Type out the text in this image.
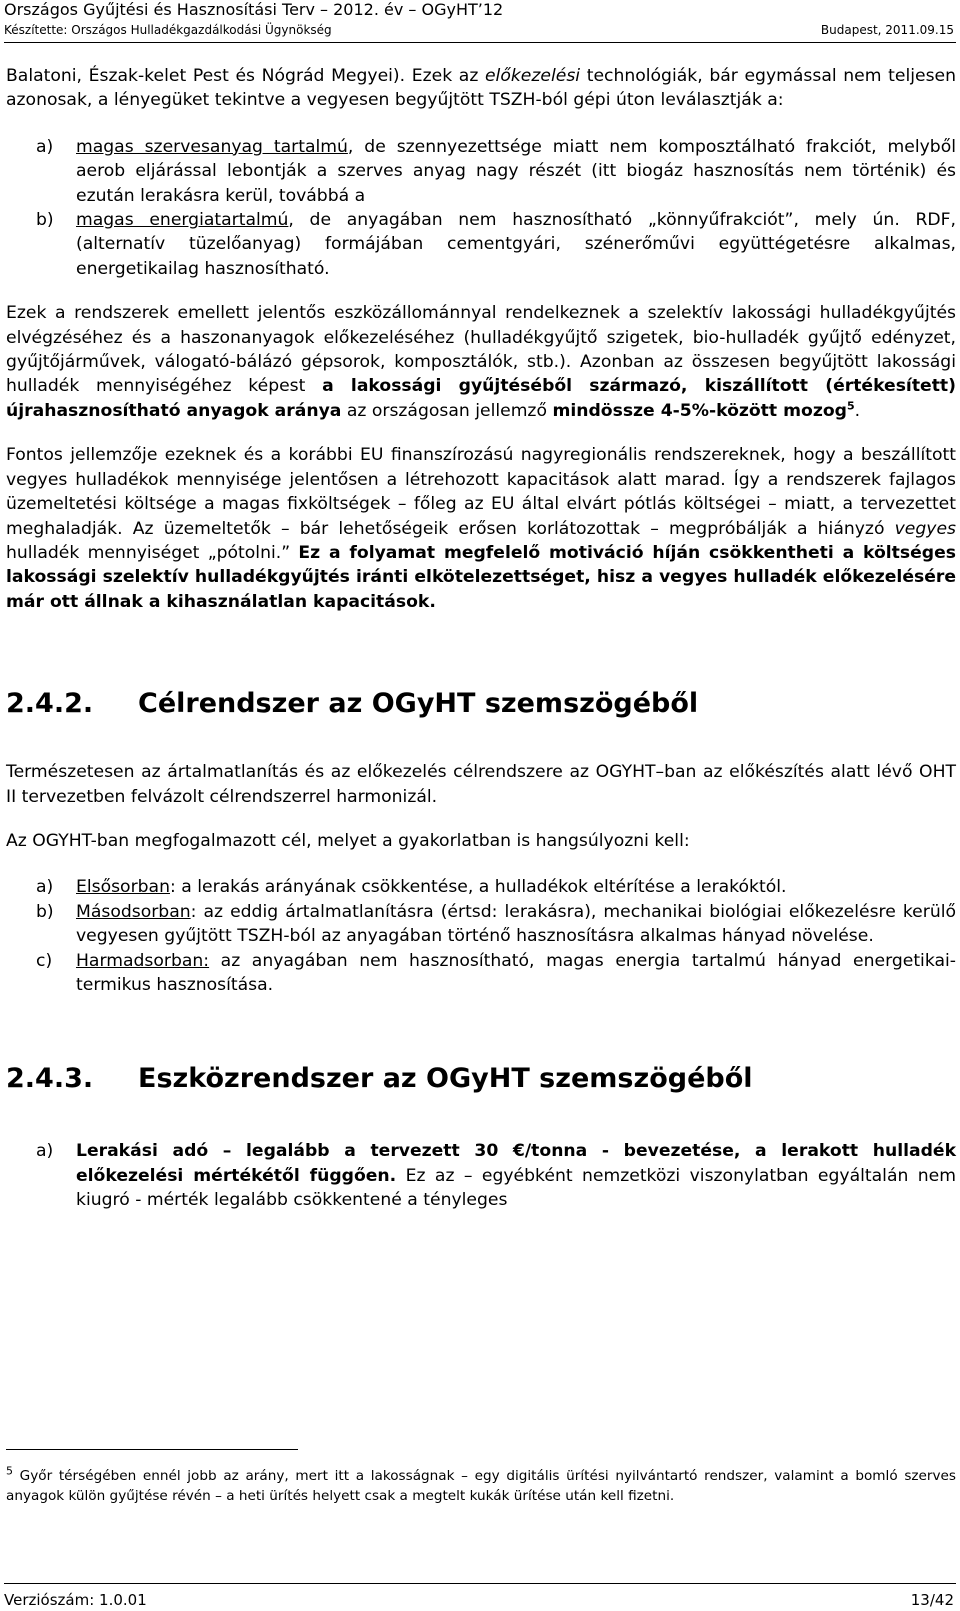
Országos Gyűjtési és Hasznosítási Terv – 2012. év – OGyHT’12
Készítette: Országos Hulladékgazdálkodási Ügynökség	Budapest, 2011.09.15

Balatoni, Észak-kelet Pest és Nógrád Megyei). Ezek az előkezelési technológiák, bár egymással nem teljesen azonosak, a lényegüket tekintve a vegyesen begyűjtött TSZH-ból gépi úton leválasztják a:

a) magas szervesanyag tartalmú, de szennyezettsége miatt nem komposztálható frakciót, melyből aerob eljárással lebontják a szerves anyag nagy részét (itt biogáz hasznosítás nem történik) és ezután lerakásra kerül, továbbá a
b) magas energiatartalmú, de anyagában nem hasznosítható „könnyűfrakciót”, mely ún. RDF, (alternatív tüzelőanyag) formájában cementgyári, szénerőművi együttégetésre alkalmas, energetikailag hasznosítható.

Ezek a rendszerek emellett jelentős eszközállománnyal rendelkeznek a szelektív lakossági hulladékgyűjtés elvégzéséhez és a haszonanyagok előkezeléséhez (hulladékgyűjtő szigetek, bio-hulladék gyűjtő edényzet, gyűjtőjárművek, válogató-bálázó gépsorok, komposztálók, stb.). Azonban az összesen begyűjtött lakossági hulladék mennyiségéhez képest a lakossági gyűjtéséből származó, kiszállított (értékesített) újrahasznosítható anyagok aránya az országosan jellemző mindössze 4-5%-között mozog$^5$.

Fontos jellemzője ezeknek és a korábbi EU finanszírozású nagyregionális rendszereknek, hogy a beszállított vegyes hulladékok mennyisége jelentősen a létrehozott kapacitások alatt marad. Így a rendszerek fajlagos üzemeltetési költsége a magas fixköltségek – főleg az EU által elvárt pótlás költségei – miatt, a tervezettet meghaladják. Az üzemeltetők – bár lehetőségeik erősen korlátozottak – megpróbálják a hiányzó vegyes hulladék mennyiséget „pótolni.” Ez a folyamat megfelelő motiváció híján csökkentheti a költséges lakossági szelektív hulladékgyűjtés iránti elkötelezettséget, hisz a vegyes hulladék előkezelésére már ott állnak a kihasználatlan kapacitások.

2.4.2. Célrendszer az OGyHT szemszögéből

Természetesen az ártalmatlanítás és az előkezelés célrendszere az OGYHT–ban az előkészítés alatt lévő OHT II tervezetben felvázolt célrendszerrel harmonizál.

Az OGYHT-ban megfogalmazott cél, melyet a gyakorlatban is hangsúlyozni kell:

a) Elsősorban: a lerakás arányának csökkentése, a hulladékok eltérítése a lerakóktól.
b) Másodsorban: az eddig ártalmatlanításra (értsd: lerakásra), mechanikai biológiai előkezelésre kerülő vegyesen gyűjtött TSZH-ból az anyagában történő hasznosításra alkalmas hányad növelése.
c) Harmadsorban: az anyagában nem hasznosítható, magas energia tartalmú hányad energetikai-termikus hasznosítása.
2.4.3. Eszközrendszer az OGyHT szemszögéből
a) Lerakási adó – legalább a tervezett 30 €/tonna - bevezetése, a lerakott hulladék előkezelési mértékétől függően. Ez az – egyébként nemzetközi viszonylatban egyáltalán nem kiugró - mérték legalább csökkentené a tényleges
$^5$ Győr térségében ennél jobb az arány, mert itt a lakosságnak – egy digitális ürítési nyilvántartó rendszer, valamint a bomló szerves anyagok külön gyűjtése révén – a heti ürítés helyett csak a megtelt kukák ürítése után kell fizetni.
Verziószám: 1.0.01	13/42
